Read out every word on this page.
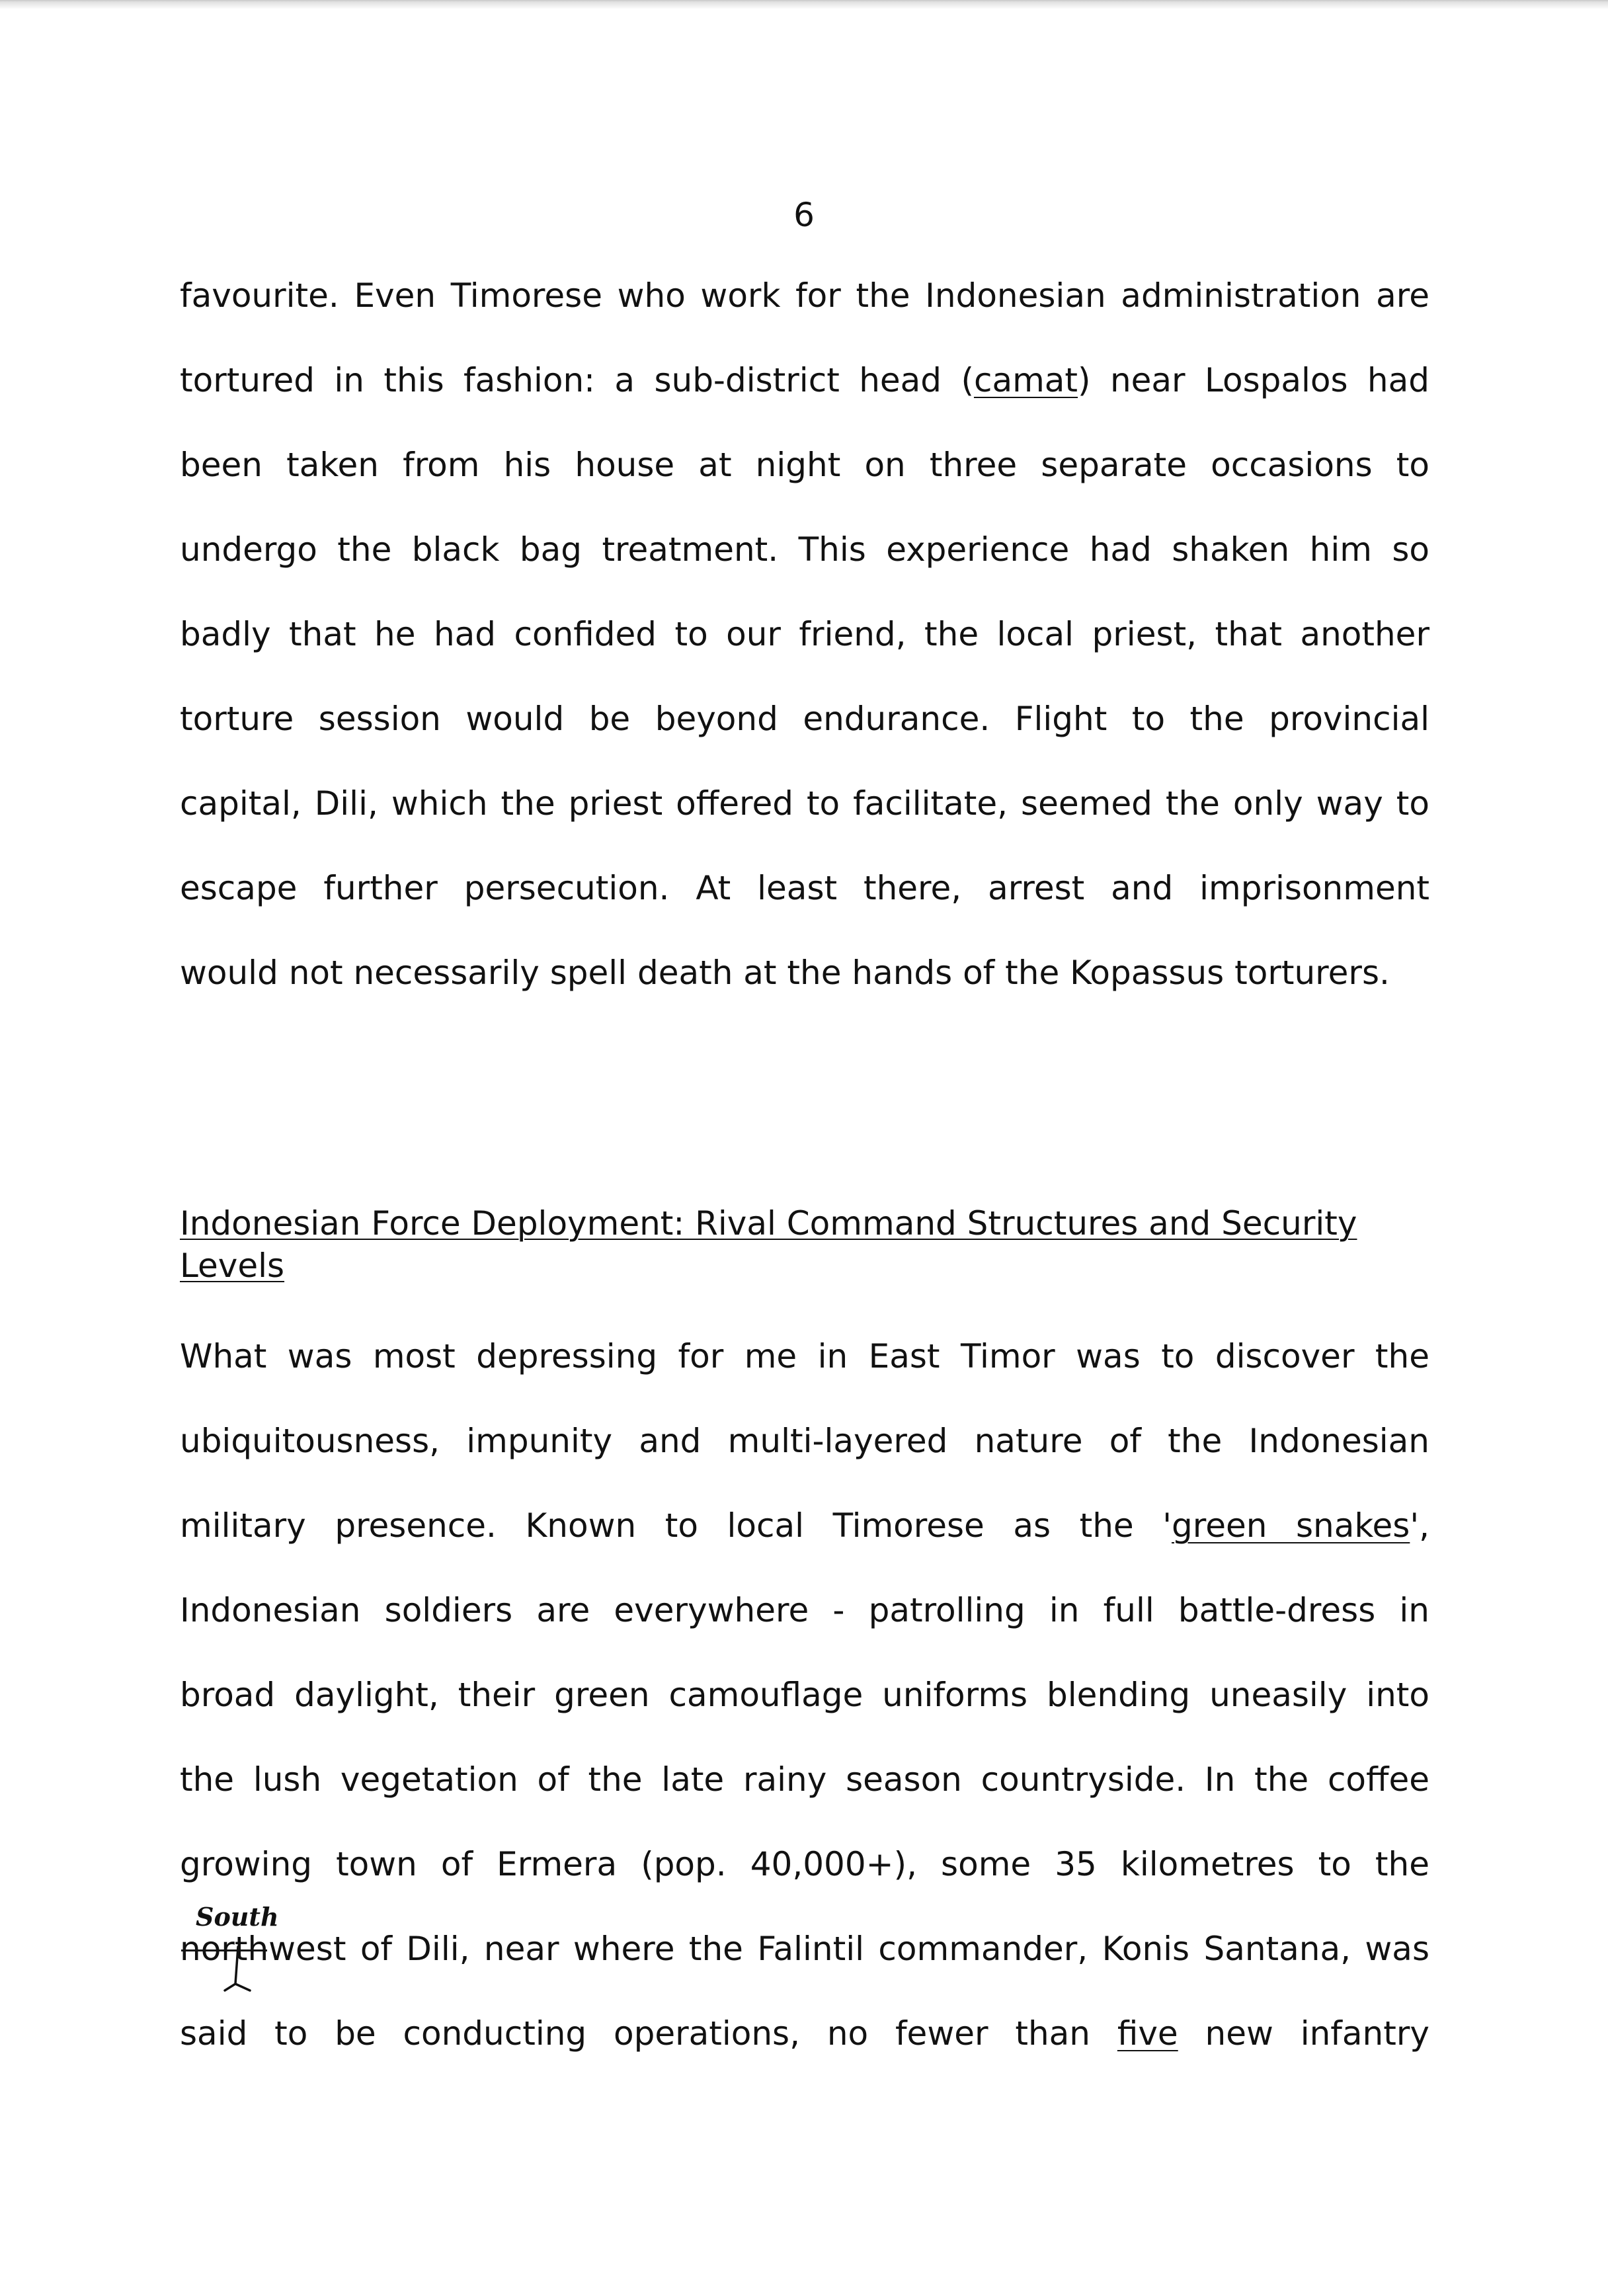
6
favourite. Even Timorese who work for the Indonesian administration are
tortured in this fashion: a sub-district head (camat) near Lospalos had
been taken from his house at night on three separate occasions to
undergo the black bag treatment. This experience had shaken him so
badly that he had confided to our friend, the local priest, that another
torture session would be beyond endurance. Flight to the provincial
capital, Dili, which the priest offered to facilitate, seemed the only way to
escape further persecution. At least there, arrest and imprisonment
would not necessarily spell death at the hands of the Kopassus torturers.
Indonesian Force Deployment: Rival Command Structures and Security Levels
What was most depressing for me in East Timor was to discover the
ubiquitousness, impunity and multi-layered nature of the Indonesian
military presence. Known to local Timorese as the 'green snakes',
Indonesian soldiers are everywhere - patrolling in full battle-dress in
broad daylight, their green camouflage uniforms blending uneasily into
the lush vegetation of the late rainy season countryside. In the coffee
growing town of Ermera (pop. 40,000+), some 35 kilometres to the
northwest of Dili, near where the Falintil commander, Konis Santana, was
said to be conducting operations, no fewer than five new infantry
South
